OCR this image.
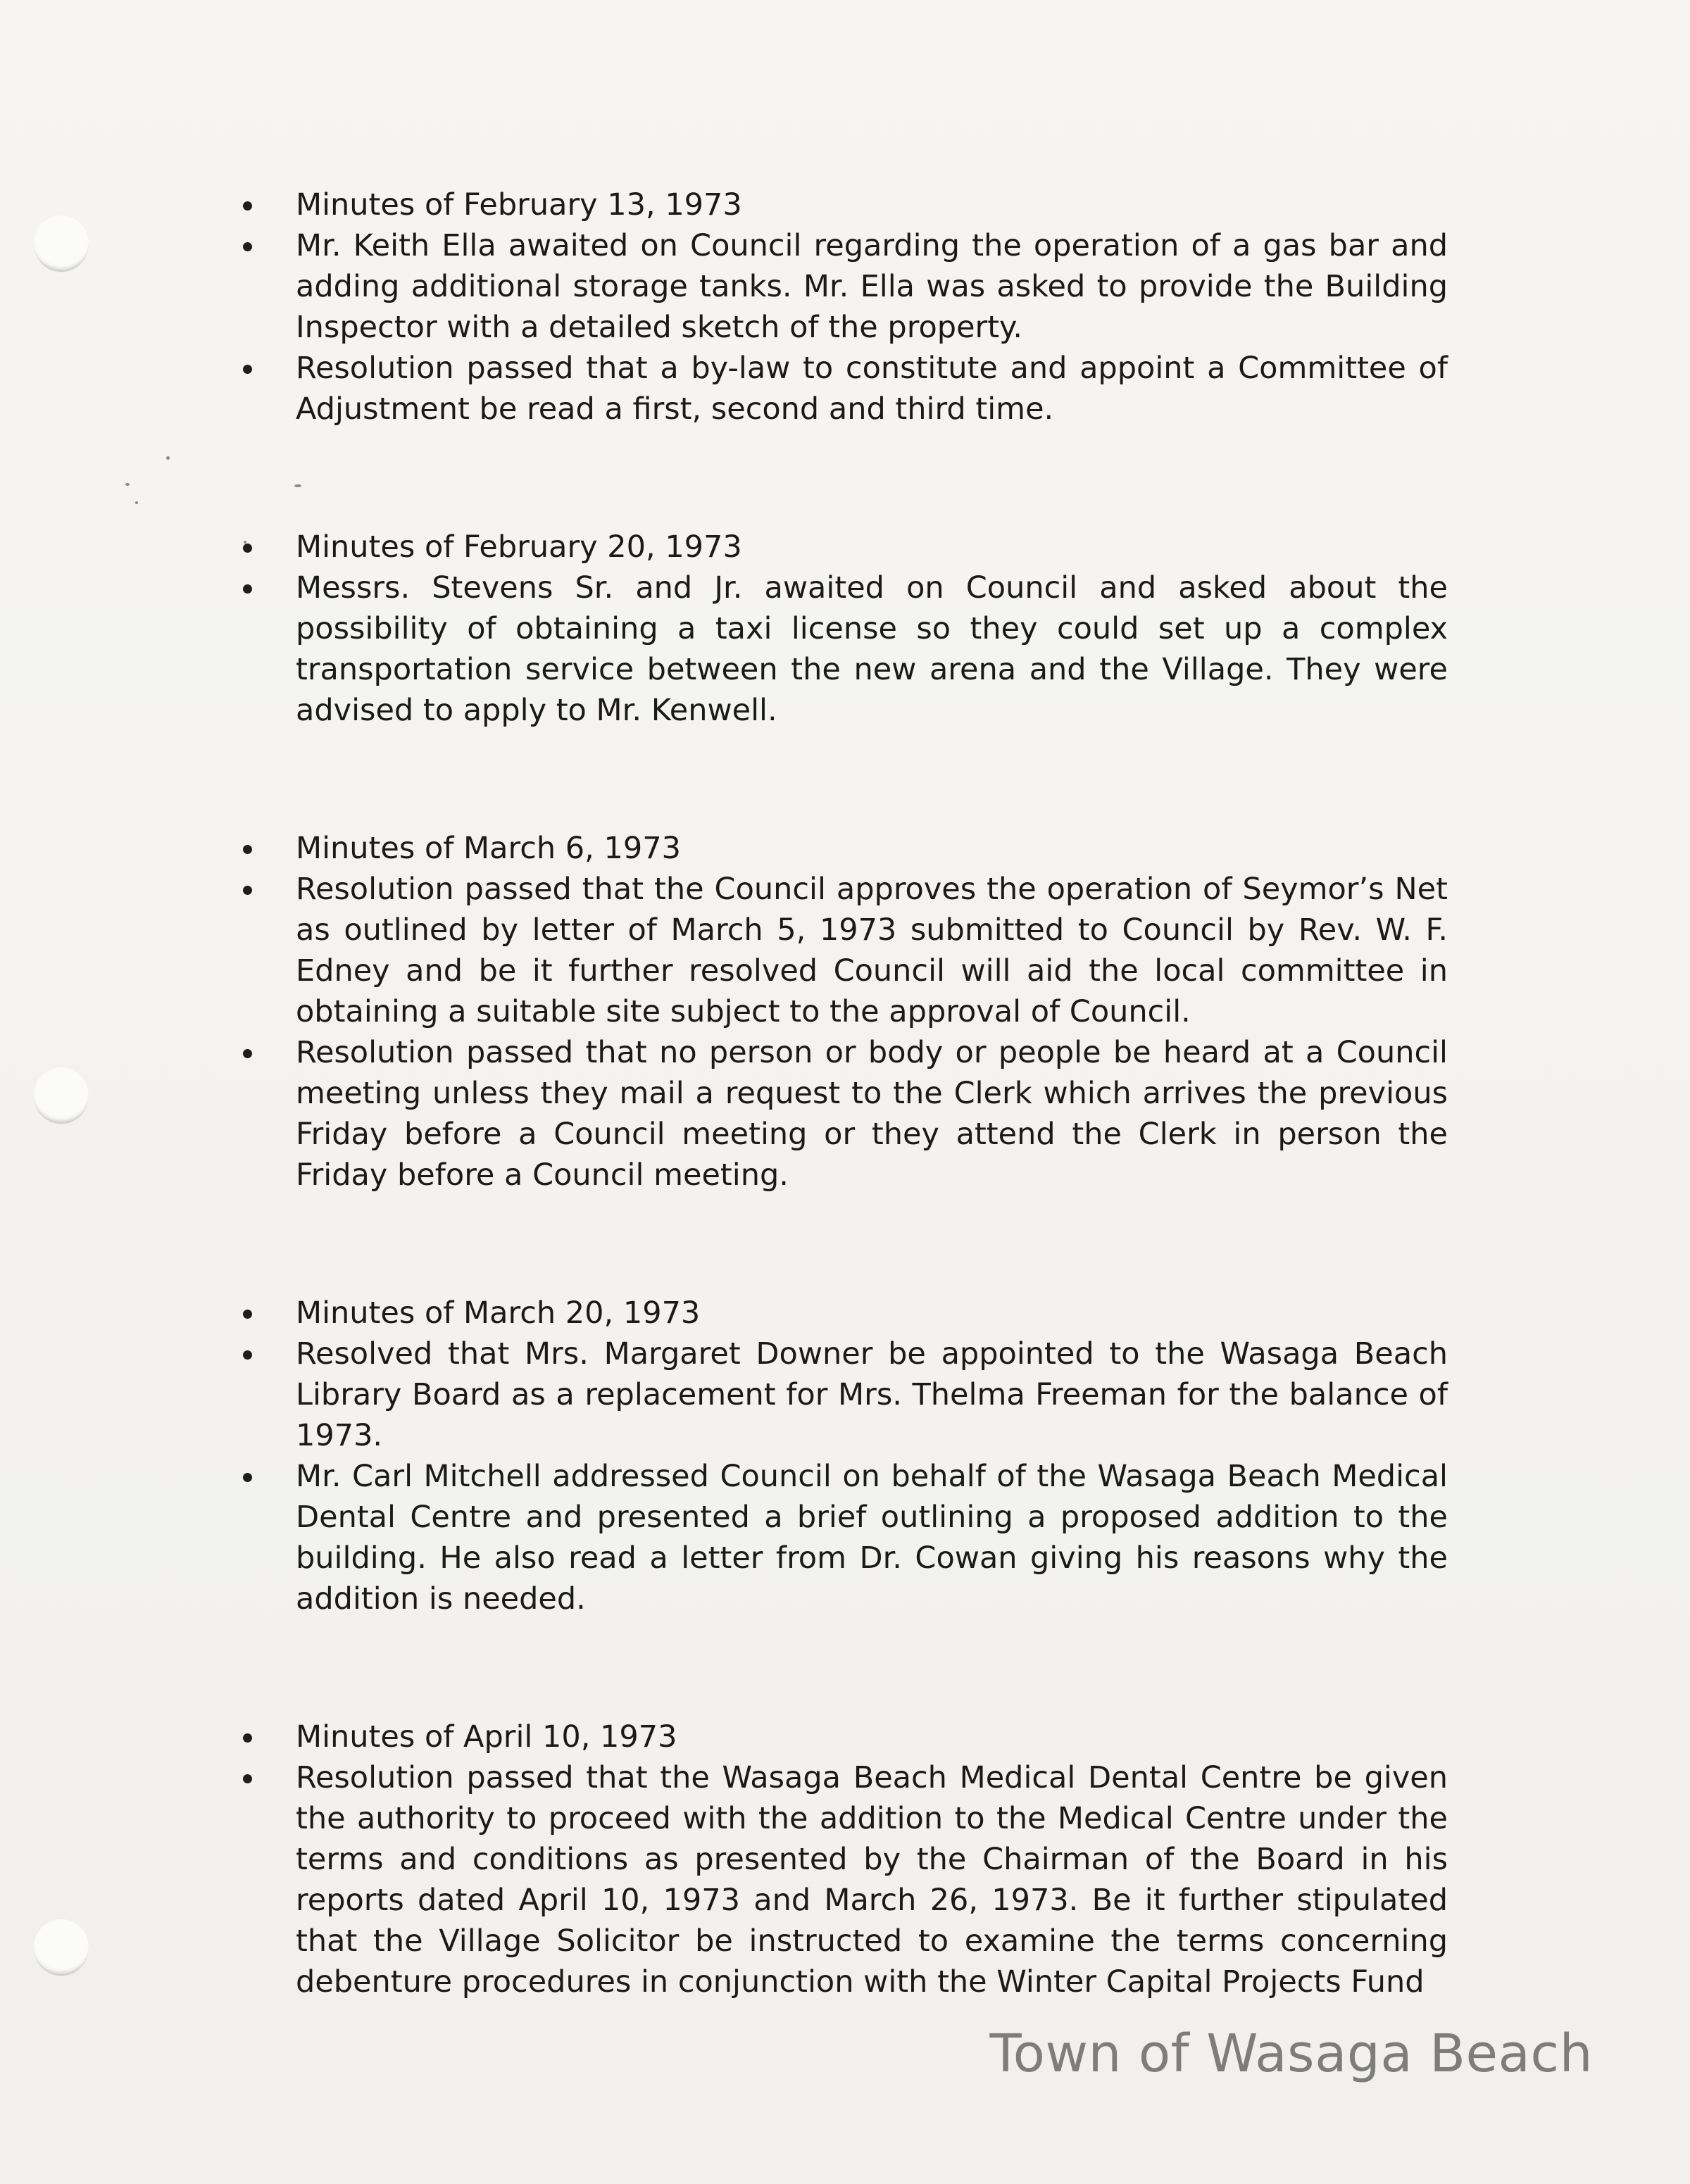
Minutes of February 13, 1973
Mr. Keith Ella awaited on Council regarding the operation of a gas bar and adding additional storage tanks. Mr. Ella was asked to provide the Building Inspector with a detailed sketch of the property.
Resolution passed that a by-law to constitute and appoint a Committee of Adjustment be read a first, second and third time.
Minutes of February 20, 1973
Messrs. Stevens Sr. and Jr. awaited on Council and asked about the possibility of obtaining a taxi license so they could set up a complex transportation service between the new arena and the Village. They were advised to apply to Mr. Kenwell.
Minutes of March 6, 1973
Resolution passed that the Council approves the operation of Seymor’s Net as outlined by letter of March 5, 1973 submitted to Council by Rev. W. F. Edney and be it further resolved Council will aid the local committee in obtaining a suitable site subject to the approval of Council.
Resolution passed that no person or body or people be heard at a Council meeting unless they mail a request to the Clerk which arrives the previous Friday before a Council meeting or they attend the Clerk in person the Friday before a Council meeting.
Minutes of March 20, 1973
Resolved that Mrs. Margaret Downer be appointed to the Wasaga Beach Library Board as a replacement for Mrs. Thelma Freeman for the balance of 1973.
Mr. Carl Mitchell addressed Council on behalf of the Wasaga Beach Medical Dental Centre and presented a brief outlining a proposed addition to the building. He also read a letter from Dr. Cowan giving his reasons why the addition is needed.
Minutes of April 10, 1973
Resolution passed that the Wasaga Beach Medical Dental Centre be given the authority to proceed with the addition to the Medical Centre under the terms and conditions as presented by the Chairman of the Board in his reports dated April 10, 1973 and March 26, 1973. Be it further stipulated that the Village Solicitor be instructed to examine the terms concerning debenture procedures in conjunction with the Winter Capital Projects Fund
Town of Wasaga Beach
